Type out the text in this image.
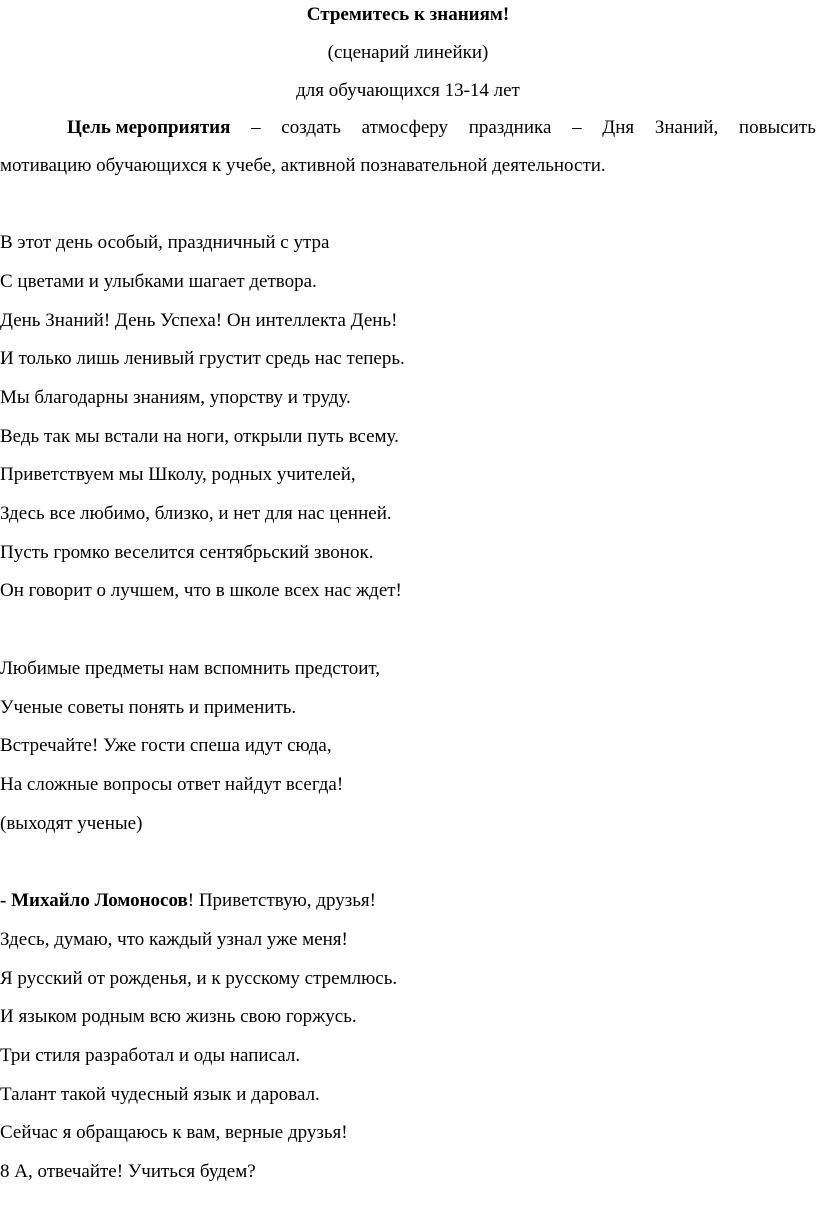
Стремитесь к знаниям!
(сценарий линейки)
для обучающихся 13-14 лет
Цель мероприятия – создать атмосферу праздника – Дня Знаний, повысить
мотивацию обучающихся к учебе, активной познавательной деятельности.
В этот день особый, праздничный с утра
С цветами и улыбками шагает детвора.
День Знаний! День Успеха! Он интеллекта День!
И только лишь ленивый грустит средь нас теперь.
Мы благодарны знаниям, упорству и труду.
Ведь так мы встали на ноги, открыли путь всему.
Приветствуем мы Школу, родных учителей,
Здесь все любимо, близко, и нет для нас ценней.
Пусть громко веселится сентябрьский звонок.
Он говорит о лучшем, что в школе всех нас ждет!
Любимые предметы нам вспомнить предстоит,
Ученые советы понять и применить.
Встречайте! Уже гости спеша идут сюда,
На сложные вопросы ответ найдут всегда!
(выходят ученые)
- Михайло Ломоносов! Приветствую, друзья!
Здесь, думаю, что каждый узнал уже меня!
Я русский от рожденья, и к русскому стремлюсь.
И языком родным всю жизнь свою горжусь.
Три стиля разработал и оды написал.
Талант такой чудесный язык и даровал.
Сейчас я обращаюсь к вам, верные друзья!
8 А, отвечайте! Учиться будем?
